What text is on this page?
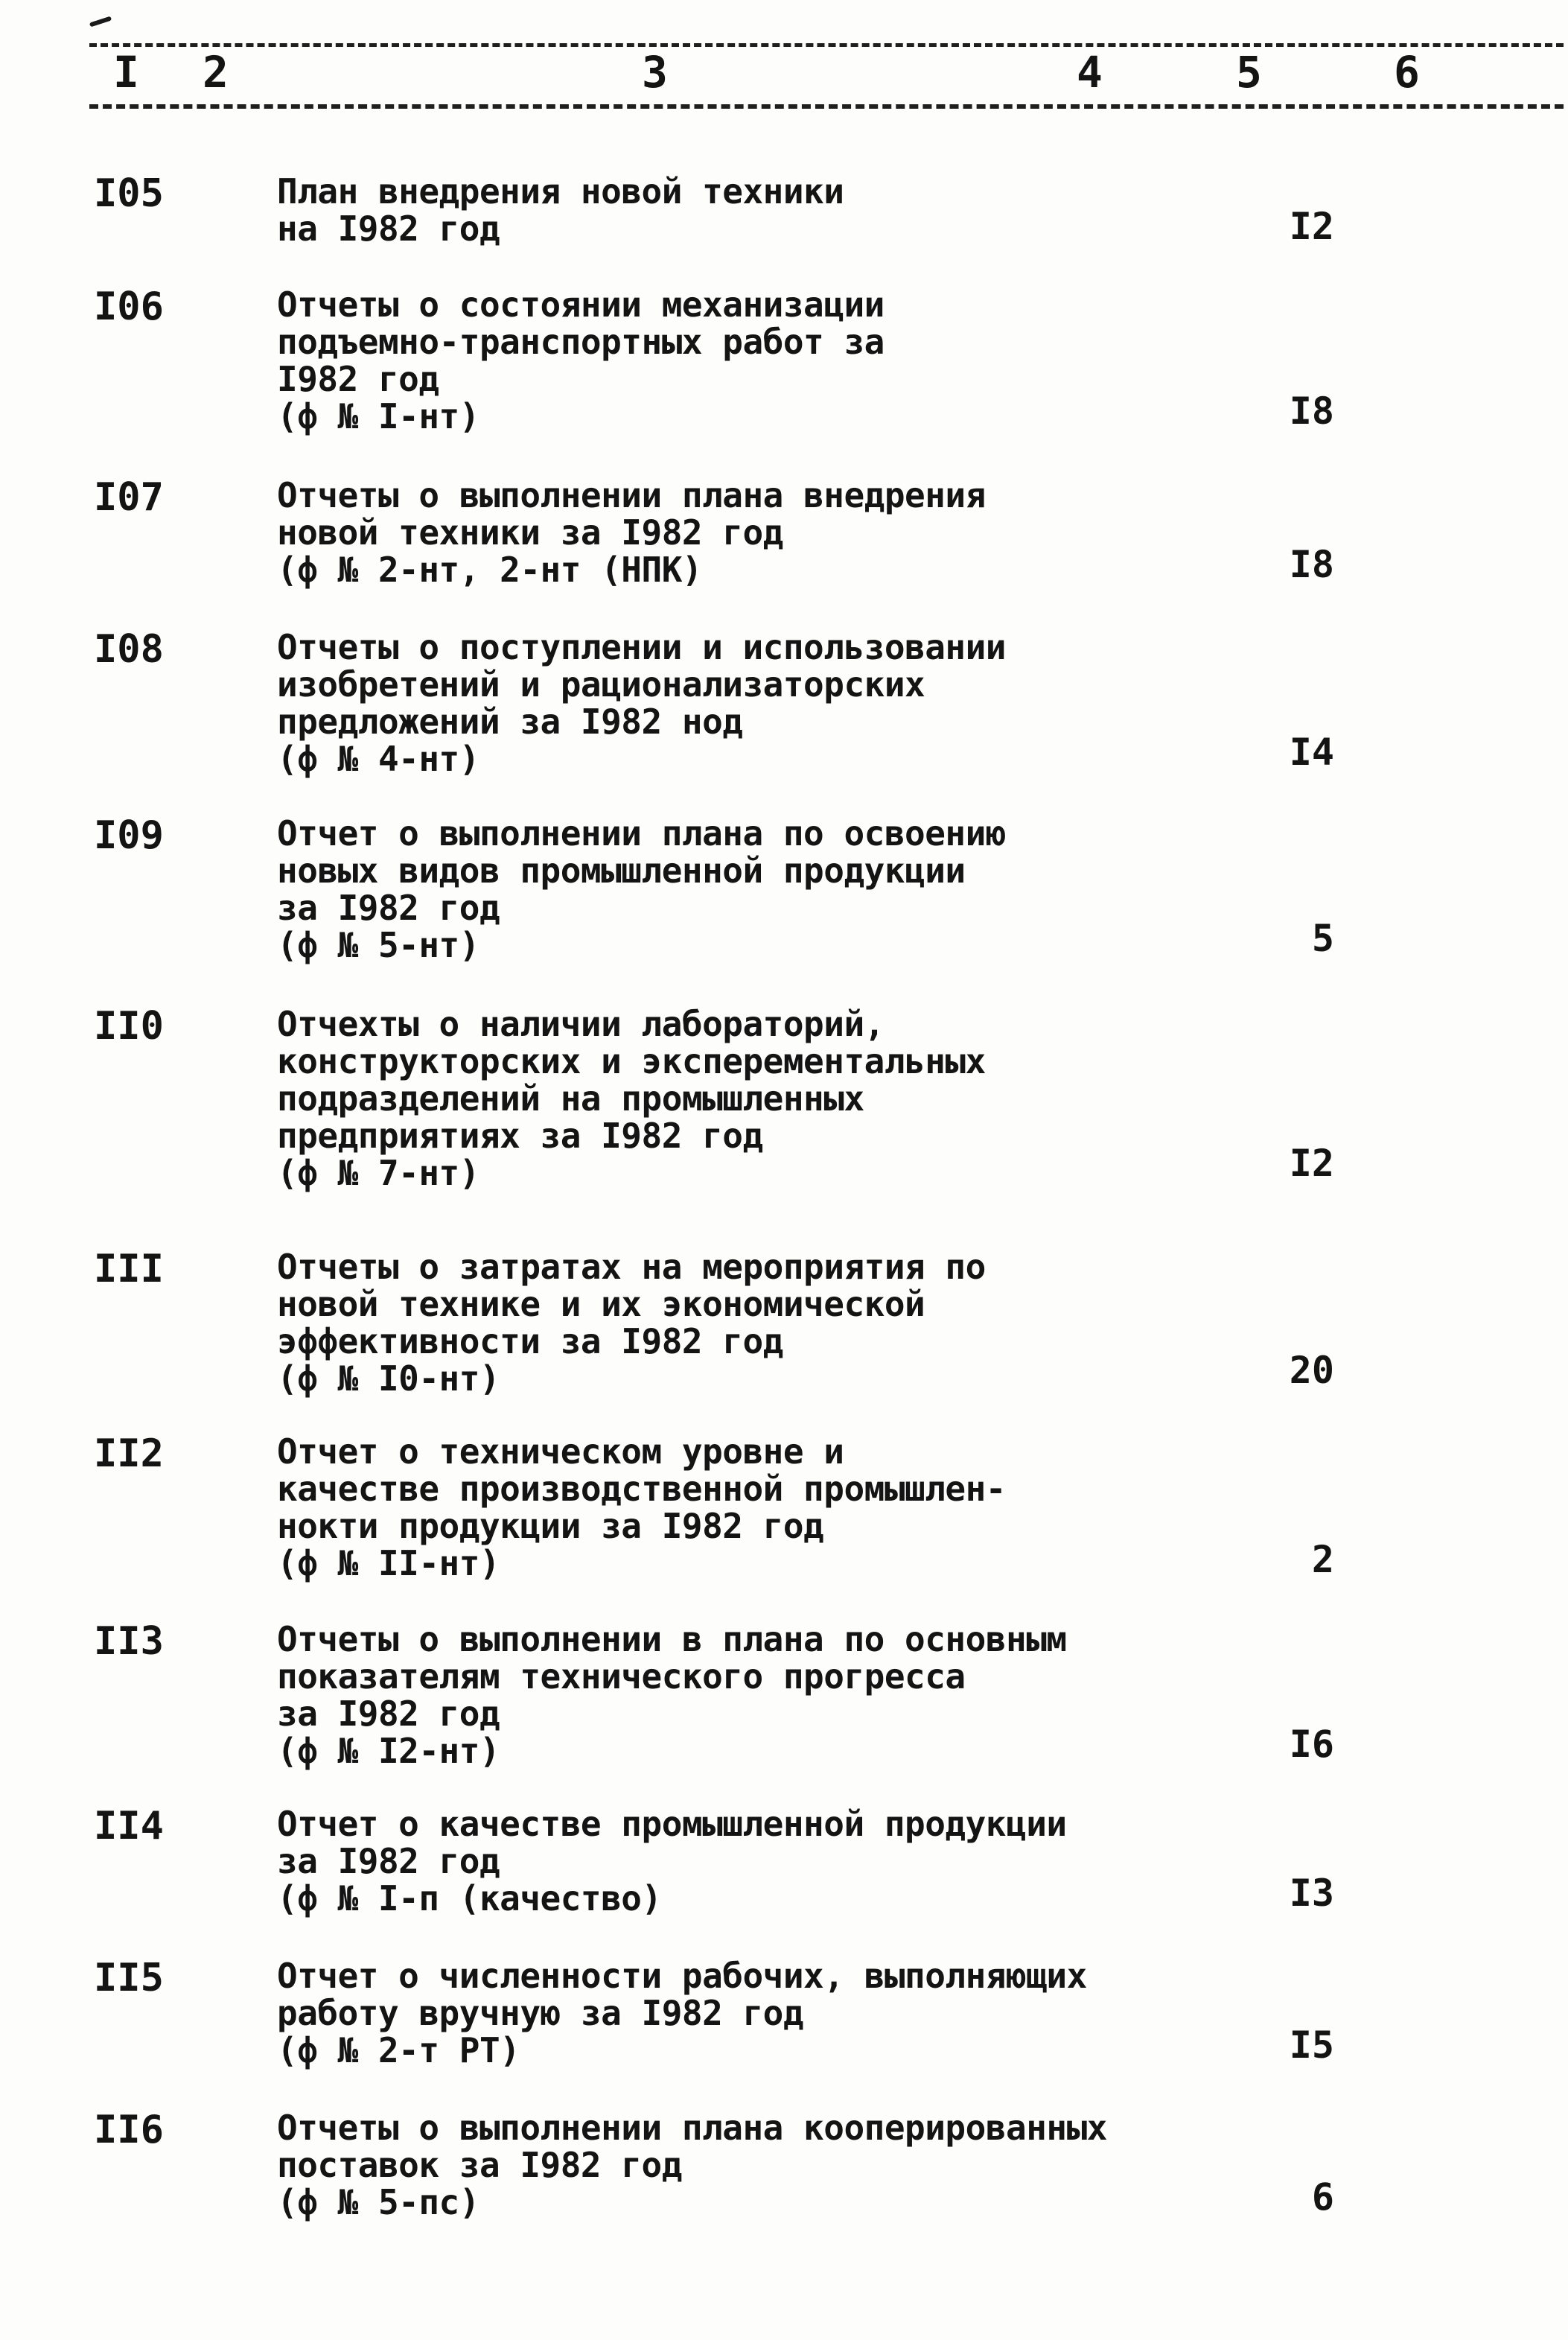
I 2	3	4	5	6
I05	План внедрения новой техники
на I982 год	I2
I06	Отчеты о состоянии механизации
подъемно-транспортных работ за
I982 год
(ф № I-нт)	I8
I07	Отчеты о выполнении плана внедрения
новой техники за I982 год
(ф № 2-нт, 2-нт (НПК)	I8
I08	Отчеты о поступлении и использовании
изобретений и рационализаторских
предложений за I982 нод
(ф № 4-нт)	I4
I09	Отчет о выполнении плана по освоению
новых видов промышленной продукции
за I982 год
(ф № 5-нт)	5
II0	Отчеxты о наличии лабораторий,
конструкторских и эксперементальных
подразделений на промышленных
предприятиях за I982 год
(ф № 7-нт)	I2
III	Отчеты о затратах на мероприятия по
новой технике и их экономической
эффективности за I982 год
(ф № I0-нт)	20
II2	Отчет о техническом уровне и
качестве производственной промышлен-
нокти продукции за I982 год
(ф № II-нт)	2
II3	Отчеты о выполнении в плана по основным
показателям технического прогресса
за I982 год
(ф № I2-нт)	I6
II4	Отчет о качестве промышленной продукции
за I982 год
(ф № I-п (качество)	I3
II5	Отчет о численности рабочих, выполняющих
работу вручную за I982 год
(ф № 2-т РТ)	I5
II6	Отчеты о выполнении плана кооперированных
поставок за I982 год
(ф № 5-пс)	6
